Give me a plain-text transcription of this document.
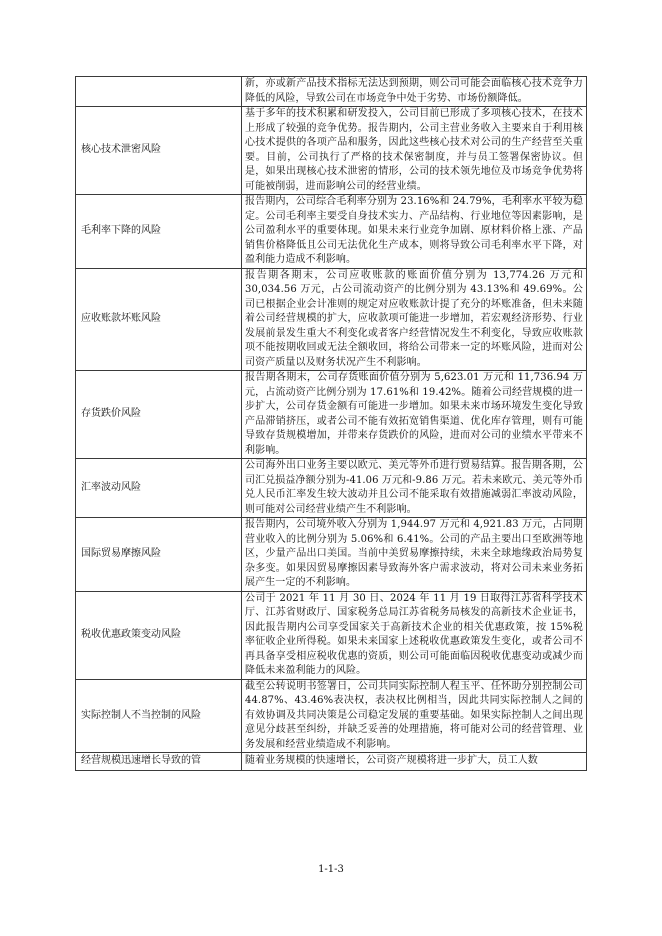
	新，亦或新产品技术指标无法达到预期，则公司可能会面临核心技术竞争力降低的风险，导致公司在市场竞争中处于劣势、市场份额降低。
核心技术泄密风险	基于多年的技术积累和研发投入，公司目前已形成了多项核心技术，在技术上形成了较强的竞争优势。报告期内，公司主营业务收入主要来自于利用核心技术提供的各项产品和服务，因此这些核心技术对公司的生产经营至关重要。目前，公司执行了严格的技术保密制度，并与员工签署保密协议。但是，如果出现核心技术泄密的情形，公司的技术领先地位及市场竞争优势将可能被削弱，进而影响公司的经营业绩。
毛利率下降的风险	报告期内，公司综合毛利率分别为 23.16%和 24.79%，毛利率水平较为稳定。公司毛利率主要受自身技术实力、产品结构、行业地位等因素影响，是公司盈利水平的重要体现。如果未来行业竞争加剧、原材料价格上涨、产品销售价格降低且公司无法优化生产成本，则将导致公司毛利率水平下降，对盈利能力造成不利影响。
应收账款坏账风险	报告期各期末，公司应收账款的账面价值分别为 13,774.26 万元和30,034.56 万元，占公司流动资产的比例分别为 43.13%和 49.69%。公司已根据企业会计准则的规定对应收账款计提了充分的坏账准备，但未来随着公司经营规模的扩大，应收款项可能进一步增加，若宏观经济形势、行业发展前景发生重大不利变化或者客户经营情况发生不利变化，导致应收账款项不能按期收回或无法全额收回，将给公司带来一定的坏账风险，进而对公司资产质量以及财务状况产生不利影响。
存货跌价风险	报告期各期末，公司存货账面价值分别为 5,623.01 万元和 11,736.94 万元，占流动资产比例分别为 17.61%和 19.42%。随着公司经营规模的进一步扩大，公司存货金额有可能进一步增加。如果未来市场环境发生变化导致产品滞销挤压，或者公司不能有效拓宽销售渠道、优化库存管理，则有可能导致存货规模增加，并带来存货跌价的风险，进而对公司的业绩水平带来不利影响。
汇率波动风险	公司海外出口业务主要以欧元、美元等外币进行贸易结算。报告期各期，公司汇兑损益净额分别为-41.06 万元和-9.86 万元。若未来欧元、美元等外币兑人民币汇率发生较大波动并且公司不能采取有效措施减弱汇率波动风险，则可能对公司经营业绩产生不利影响。
国际贸易摩擦风险	报告期内，公司境外收入分别为 1,944.97 万元和 4,921.83 万元，占同期营业收入的比例分别为 5.06%和 6.41%。公司的产品主要出口至欧洲等地区，少量产品出口美国。当前中美贸易摩擦持续，未来全球地缘政治局势复杂多变。如果因贸易摩擦因素导致海外客户需求波动，将对公司未来业务拓展产生一定的不利影响。
税收优惠政策变动风险	公司于 2021 年 11 月 30 日、2024 年 11 月 19 日取得江苏省科学技术厅、江苏省财政厅、国家税务总局江苏省税务局核发的高新技术企业证书，因此报告期内公司享受国家关于高新技术企业的相关优惠政策，按 15%税率征收企业所得税。如果未来国家上述税收优惠政策发生变化，或者公司不再具备享受相应税收优惠的资质，则公司可能面临因税收优惠变动或减少而降低未来盈利能力的风险。
实际控制人不当控制的风险	截至公转说明书签署日，公司共同实际控制人程玉平、任怀助分别控制公司 44.87%、43.46%表决权，表决权比例相当，因此共同实际控制人之间的有效协调及共同决策是公司稳定发展的重要基础。如果实际控制人之间出现意见分歧甚至纠纷，并缺乏妥善的处理措施，将可能对公司的经营管理、业务发展和经营业绩造成不利影响。
经营规模迅速增长导致的管	随着业务规模的快速增长，公司资产规模将进一步扩大，员工人数
1-1-3
